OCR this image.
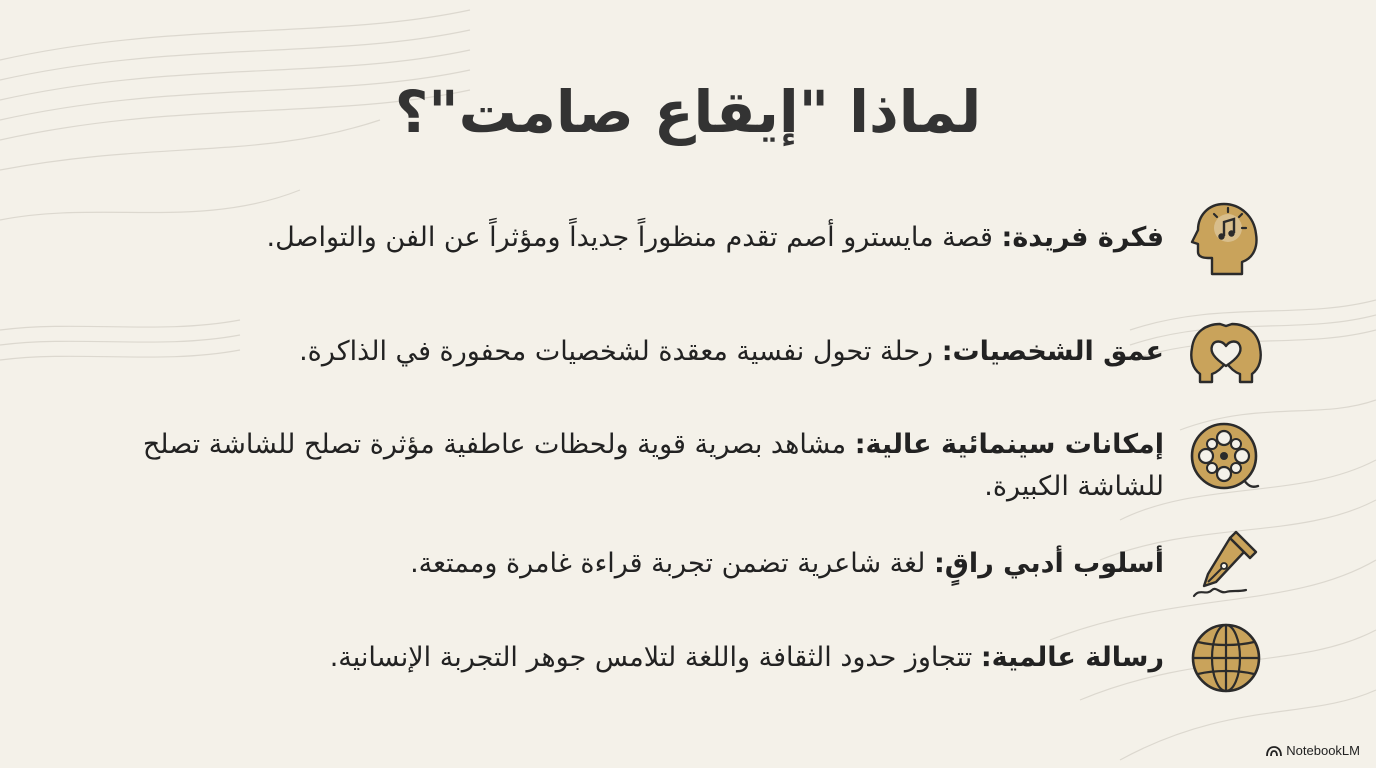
لماذا "إيقاع صامت"؟
فكرة فريدة: قصة مايسترو أصم تقدم منظوراً جديداً ومؤثراً عن الفن والتواصل.
عمق الشخصيات: رحلة تحول نفسية معقدة لشخصيات محفورة في الذاكرة.
إمكانات سينمائية عالية: مشاهد بصرية قوية ولحظات عاطفية مؤثرة تصلح للشاشة تصلح للشاشة الكبيرة.
أسلوب أدبي راقٍ: لغة شاعرية تضمن تجربة قراءة غامرة وممتعة.
رسالة عالمية: تتجاوز حدود الثقافة واللغة لتلامس جوهر التجربة الإنسانية.
NotebookLM
